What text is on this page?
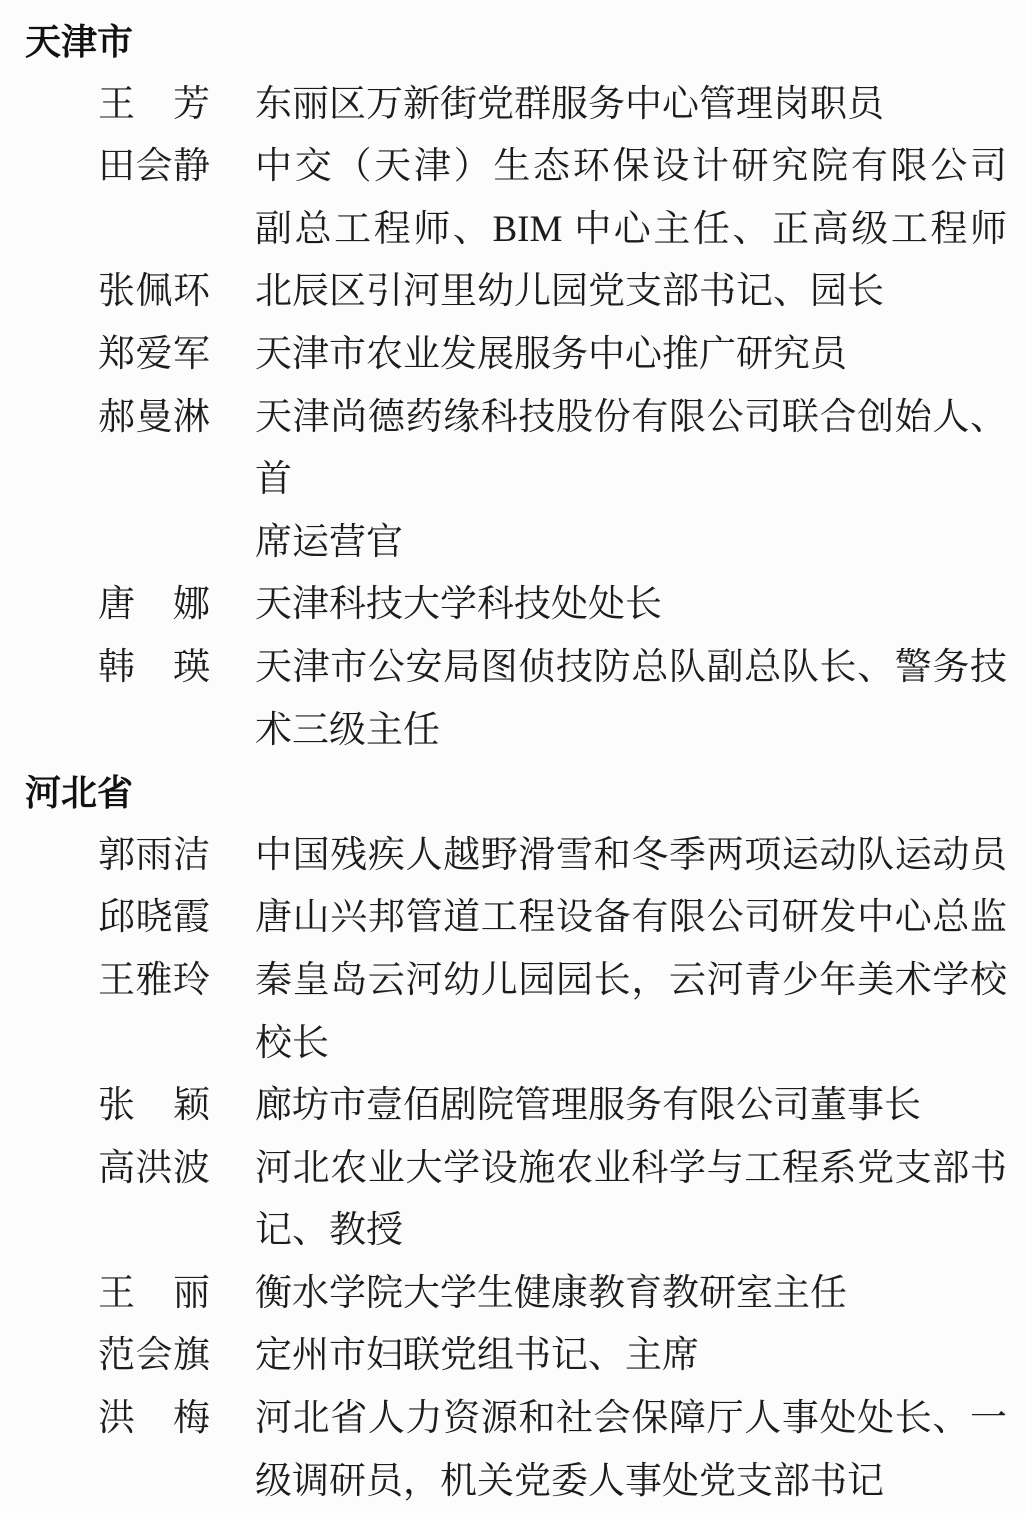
天津市
王芳 东丽区万新街党群服务中心管理岗职员
田会静 中交（天津）生态环保设计研究院有限公司
副总工程师、BIM 中心主任、正高级工程师
张佩环 北辰区引河里幼儿园党支部书记、园长
郑爱军 天津市农业发展服务中心推广研究员
郝曼淋 天津尚德药缘科技股份有限公司联合创始人、首
席运营官
唐娜 天津科技大学科技处处长
韩瑛 天津市公安局图侦技防总队副总队长、警务技
术三级主任
河北省
郭雨洁 中国残疾人越野滑雪和冬季两项运动队运动员
邱晓霞 唐山兴邦管道工程设备有限公司研发中心总监
王雅玲 秦皇岛云河幼儿园园长，云河青少年美术学校
校长
张颖 廊坊市壹佰剧院管理服务有限公司董事长
高洪波 河北农业大学设施农业科学与工程系党支部书
记、教授
王丽 衡水学院大学生健康教育教研室主任
范会旗 定州市妇联党组书记、主席
洪梅 河北省人力资源和社会保障厅人事处处长、一
级调研员，机关党委人事处党支部书记
